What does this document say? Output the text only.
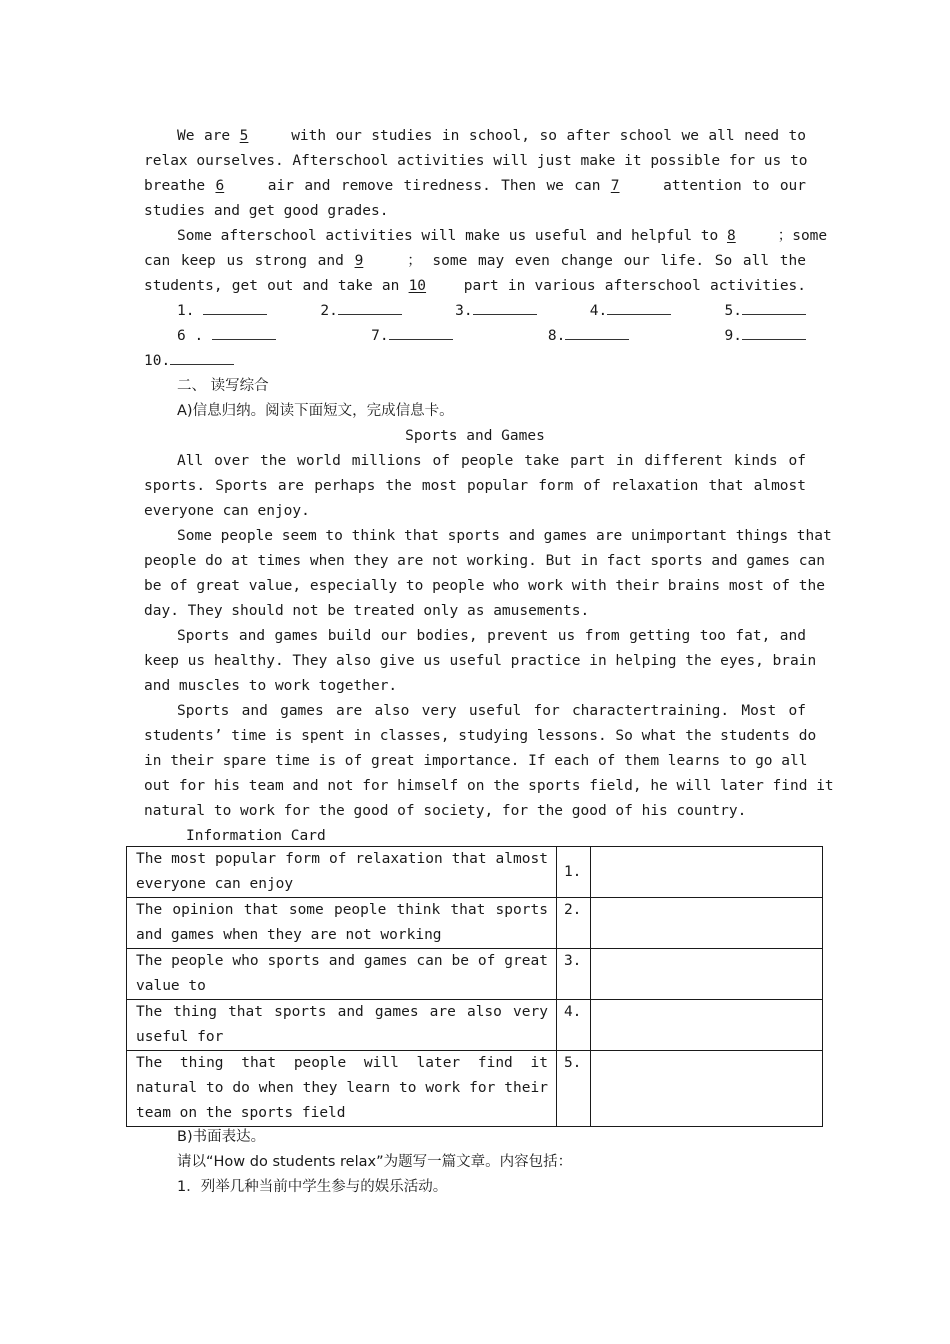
We are 5	with our studies in school, so after school we all need to
relax ourselves. Afterschool activities will just make it possible for us to
breathe 6	air and remove tiredness. Then we can 7	attention to our
studies and get good grades.
Some afterschool activities will make us useful and helpful to 8	；some
can keep us strong and 9	； some may even change our life. So all the
students, get out and take an 10	part in various afterschool activities.
1.	2.	3.	4.	5.
6 .	7.	8.	9.
10.
二、 读写综合
A)信息归纳。阅读下面短文，完成信息卡。
Sports and Games
All over the world millions of people take part in different kinds of
sports. Sports are perhaps the most popular form of relaxation that almost
everyone can enjoy.
Some people seem to think that sports and games are unimportant things that
people do at times when they are not working. But in fact sports and games can
be of great value, especially to people who work with their brains most of the
day. They should not be treated only as amusements.
Sports and games build our bodies, prevent us from getting too fat, and
keep us healthy. They also give us useful practice in helping the eyes, brain
and muscles to work together.
Sports and games are also very useful for charactertraining. Most of
students’ time is spent in classes, studying lessons. So what the students do
in their spare time is of great importance. If each of them learns to go all
out for his team and not for himself on the sports field, he will later find it
natural to work for the good of society, for the good of his country.
Information Card
The most popular form of relaxation that almost everyone can enjoy	1.	
The opinion that some people think that sports and games when they are not working	2.	
The people who sports and games can be of great value to	3.	
The thing that sports and games are also very useful for	4.	
The thing that people will later find it natural to do when they learn to work for their team on the sports field	5.	
B)书面表达。
请以“How do students relax”为题写一篇文章。内容包括：
1．列举几种当前中学生参与的娱乐活动。
